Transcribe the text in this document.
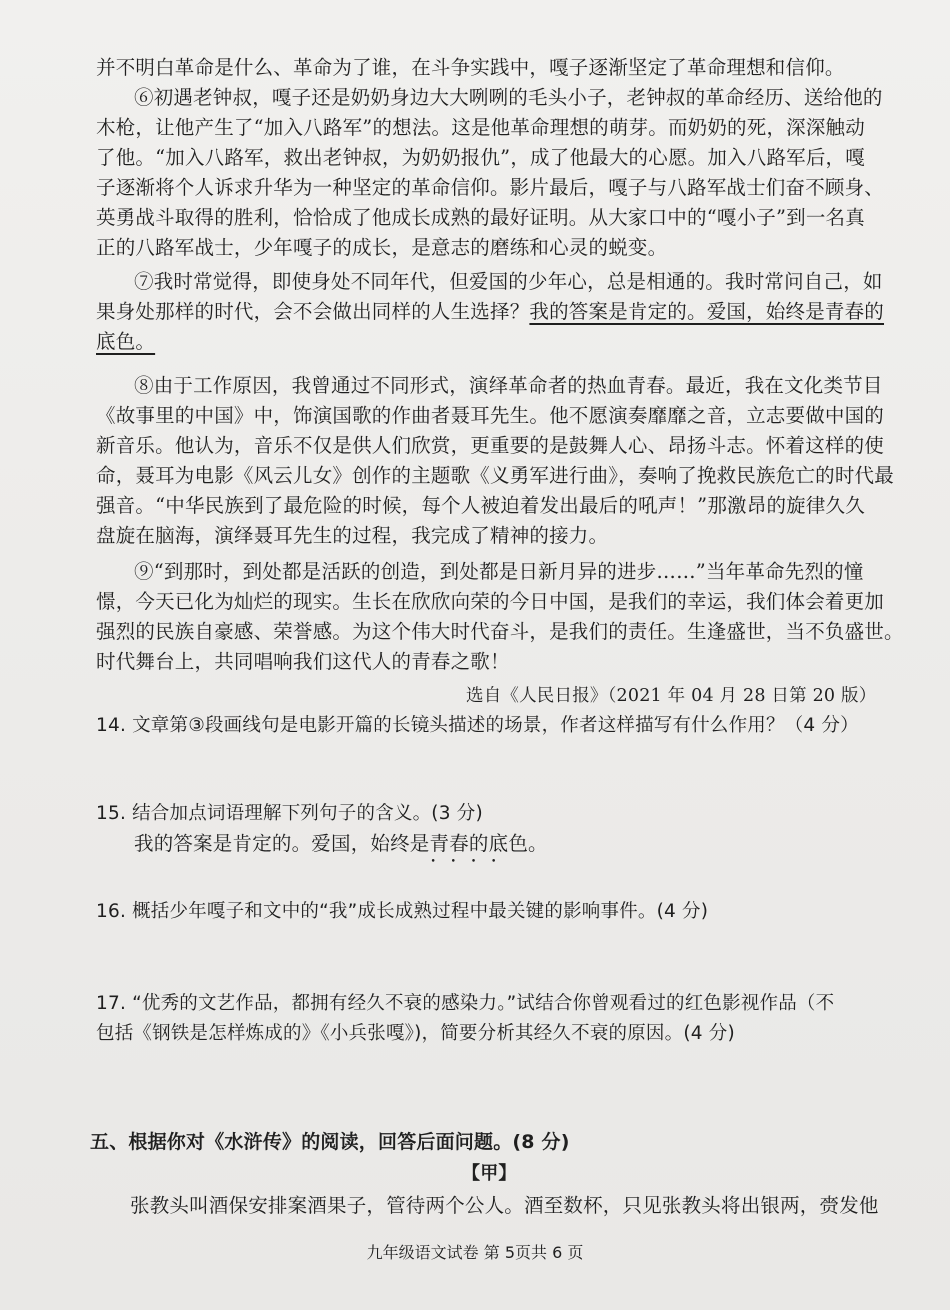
并不明白革命是什么、革命为了谁，在斗争实践中，嘎子逐渐坚定了革命理想和信仰。
⑥初遇老钟叔，嘎子还是奶奶身边大大咧咧的毛头小子，老钟叔的革命经历、送给他的
木枪，让他产生了“加入八路军”的想法。这是他革命理想的萌芽。而奶奶的死，深深触动
了他。“加入八路军，救出老钟叔，为奶奶报仇”，成了他最大的心愿。加入八路军后，嘎
子逐渐将个人诉求升华为一种坚定的革命信仰。影片最后，嘎子与八路军战士们奋不顾身、
英勇战斗取得的胜利，恰恰成了他成长成熟的最好证明。从大家口中的“嘎小子”到一名真
正的八路军战士，少年嘎子的成长，是意志的磨练和心灵的蜕变。
⑦我时常觉得，即使身处不同年代，但爱国的少年心，总是相通的。我时常问自己，如
果身处那样的时代，会不会做出同样的人生选择？我的答案是肯定的。爱国，始终是青春的
底色。
⑧由于工作原因，我曾通过不同形式，演绎革命者的热血青春。最近，我在文化类节目
《故事里的中国》中，饰演国歌的作曲者聂耳先生。他不愿演奏靡靡之音，立志要做中国的
新音乐。他认为，音乐不仅是供人们欣赏，更重要的是鼓舞人心、昂扬斗志。怀着这样的使
命，聂耳为电影《风云儿女》创作的主题歌《义勇军进行曲》，奏响了挽救民族危亡的时代最
强音。“中华民族到了最危险的时候，每个人被迫着发出最后的吼声！”那激昂的旋律久久
盘旋在脑海，演绎聂耳先生的过程，我完成了精神的接力。
⑨“到那时，到处都是活跃的创造，到处都是日新月异的进步……”当年革命先烈的憧
憬，今天已化为灿烂的现实。生长在欣欣向荣的今日中国，是我们的幸运，我们体会着更加
强烈的民族自豪感、荣誉感。为这个伟大时代奋斗，是我们的责任。生逢盛世，当不负盛世。
时代舞台上，共同唱响我们这代人的青春之歌！
选自《人民日报》（2021 年 04 月 28 日第 20 版）
14. 文章第③段画线句是电影开篇的长镜头描述的场景，作者这样描写有什么作用？（4 分）
15. 结合加点词语理解下列句子的含义。(3 分)
我的答案是肯定的。爱国，始终是青春的底色 • • • •。
16. 概括少年嘎子和文中的“我”成长成熟过程中最关键的影响事件。(4 分)
17. “优秀的文艺作品，都拥有经久不衰的感染力。”试结合你曾观看过的红色影视作品（不
包括《钢铁是怎样炼成的》《小兵张嘎》)，简要分析其经久不衰的原因。(4 分)
五、根据你对《水浒传》的阅读，回答后面问题。(8 分)
【甲】
张教头叫酒保安排案酒果子，管待两个公人。酒至数杯，只见张教头将出银两，赍发他
九年级语文试卷 第 5页共 6 页
